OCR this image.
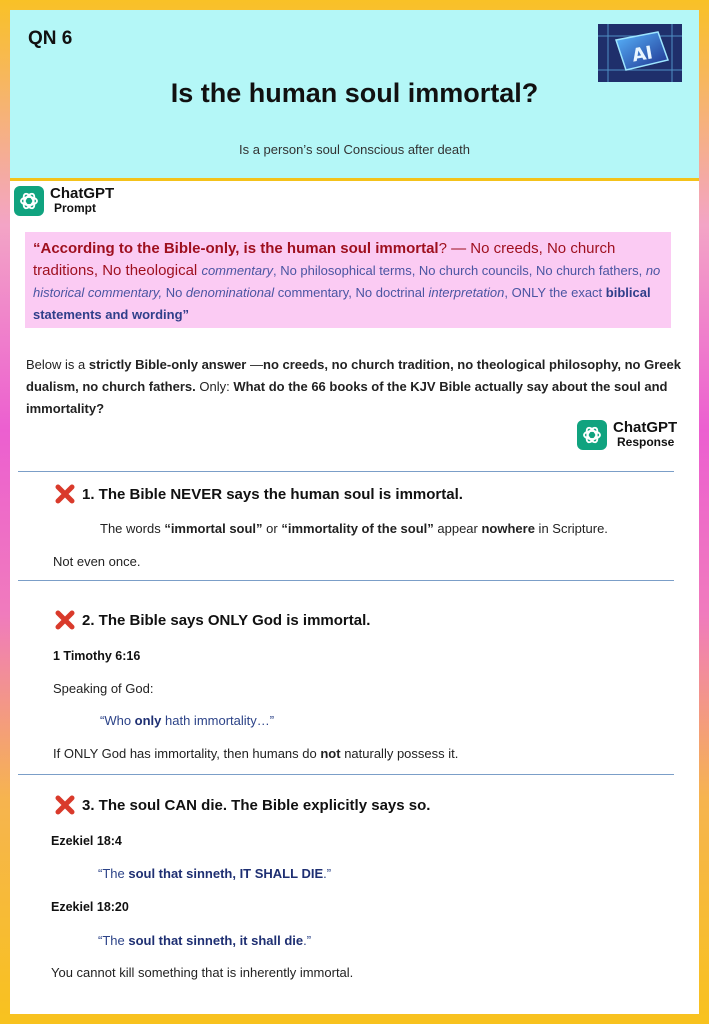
QN 6
Is the human soul immortal?
Is a person’s soul Conscious after death
AI
ChatGPT
Prompt
“According to the Bible-only, is the human soul immortal? — No creeds, No church traditions, No theological commentary, No philosophical terms, No church councils, No church fathers, no historical commentary, No denominational commentary, No doctrinal interpretation, ONLY the exact biblical statements and wording”
Below is a strictly Bible-only answer —no creeds, no church tradition, no theological philosophy, no Greek dualism, no church fathers. Only: What do the 66 books of the KJV Bible actually say about the soul and immortality?
ChatGPT
Response
1. The Bible NEVER says the human soul is immortal.
The words “immortal soul” or “immortality of the soul” appear nowhere in Scripture.
Not even once.
2. The Bible says ONLY God is immortal.
1 Timothy 6:16
Speaking of God:
“Who only hath immortality…”
If ONLY God has immortality, then humans do not naturally possess it.
3. The soul CAN die. The Bible explicitly says so.
Ezekiel 18:4
“The soul that sinneth, IT SHALL DIE.”
Ezekiel 18:20
“The soul that sinneth, it shall die.”
You cannot kill something that is inherently immortal.
